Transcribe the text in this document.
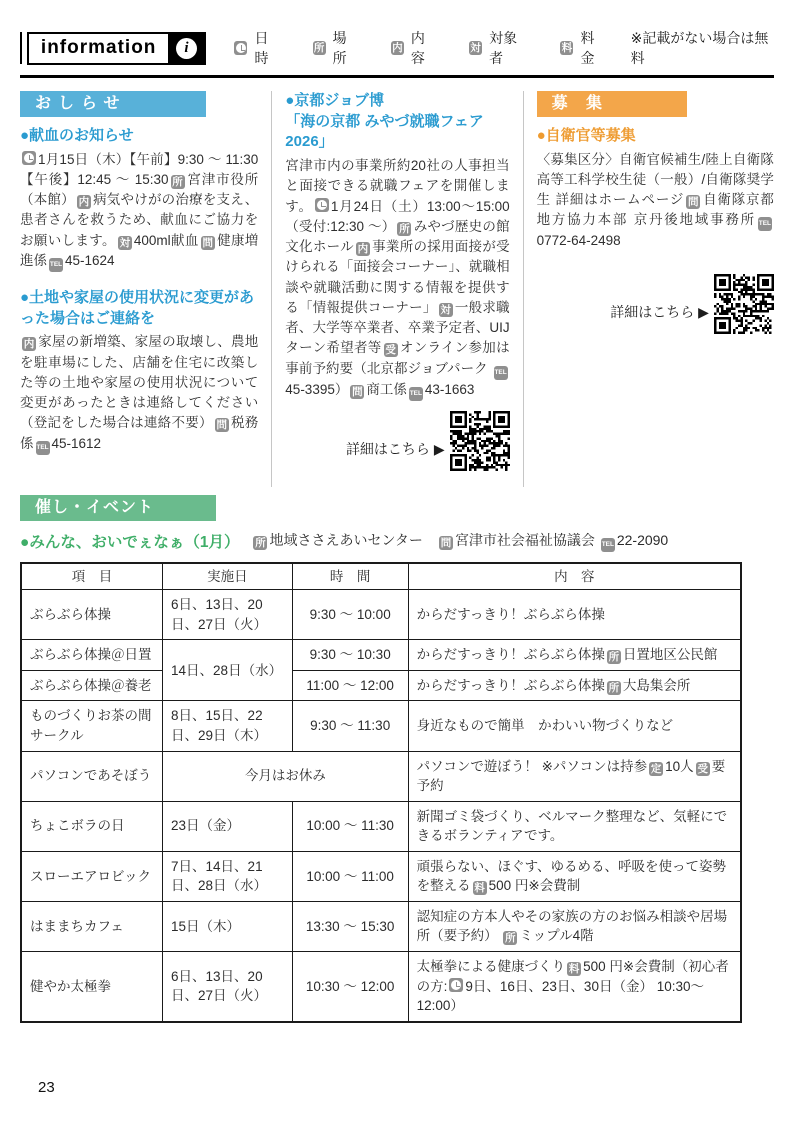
information	i
日時
所
場所
内
内容
対
対象者
料
料金
※記載がない場合は無料
おしらせ
●献血のお知らせ

1月15日（木）【午前】9:30 ～ 11:30【午後】12:45 ～ 15:30 所 宮津市役所（本館） 内 病気やけがの治療を支え、患者さんを救うため、献血にご協力をお願いします。 対 400ml献血 問 健康増進係 TEL 45-1624

●土地や家屋の使用状況に変更があった場合はご連絡を

内 家屋の新増築、家屋の取壊し、農地を駐車場にした、店舗を住宅に改築した等の土地や家屋の使用状況について変更があったときは連絡してください（登記をした場合は連絡不要） 問 税務係 TEL 45-1612

●京都ジョブ博
「海の京都 みやづ就職フェア2026」

宮津市内の事業所約20社の人事担当と面接できる就職フェアを開催します。 1月24日（土）13:00～15:00（受付:12:30 ～） 所 みやづ歴史の館 文化ホール 内 事業所の採用面接が受けられる「面接会コーナー」、就職相談や就職活動に関する情報を提供する「情報提供コーナー」 対 一般求職者、大学等卒業者、卒業予定者、UIJターン希望者等 受 オンライン参加は事前予約要（北京都ジョブパーク TEL45-3395） 問 商工係 TEL 43-1663

詳細はこちら ▶
募 集
●自衛官等募集

〈募集区分〉自衛官候補生/陸上自衛隊高等工科学校生徒（一般）/自衛隊奨学生 詳細はホームページ 問 自衛隊京都地方協力本部 京丹後地域事務所 TEL0772-64-2498

詳細はこちら ▶
催し・イベント
●みんな、おいでぇなぁ（1月）	所 地域ささえあいセンター　問 宮津市社会福祉協議会 TEL 22-2090
項　目	実施日	時　間	内　容
ぶらぶら体操	6日、13日、20日、27日（火）	9:30 ～ 10:00	からだすっきり！ぶらぶら体操
ぶらぶら体操＠日置	14日、28日（水）	9:30 ～ 10:30	からだすっきり！ぶらぶら体操 所 日置地区公民館
ぶらぶら体操＠養老		11:00 ～ 12:00	からだすっきり！ぶらぶら体操 所 大島集会所
ものづくりお茶の間サークル	8日、15日、22日、29日（木）	9:30 ～ 11:30	身近なもので簡単　かわいい物づくりなど
パソコンであそぼう	今月はお休み		パソコンで遊ぼう！ ※パソコンは持参 定 10人 受 要予約
ちょこボラの日	23日（金）	10:00 ～ 11:30	新聞ゴミ袋づくり、ベルマーク整理など、気軽にできるボランティアです。
スローエアロビック	7日、14日、21日、28日（水）	10:00 ～ 11:00	頑張らない、ほぐす、ゆるめる、呼吸を使って姿勢を整える 料 500 円※会費制
はままちカフェ	15日（木）	13:30 ～ 15:30	認知症の方本人やその家族の方のお悩み相談や居場所（要予約） 所 ミップル4階
健やか太極拳	6日、13日、20日、27日（火）	10:30 ～ 12:00	太極拳による健康づくり 料 500 円※会費制（初心者の方: 9日、16日、23日、30日（金） 10:30～12:00）
23
